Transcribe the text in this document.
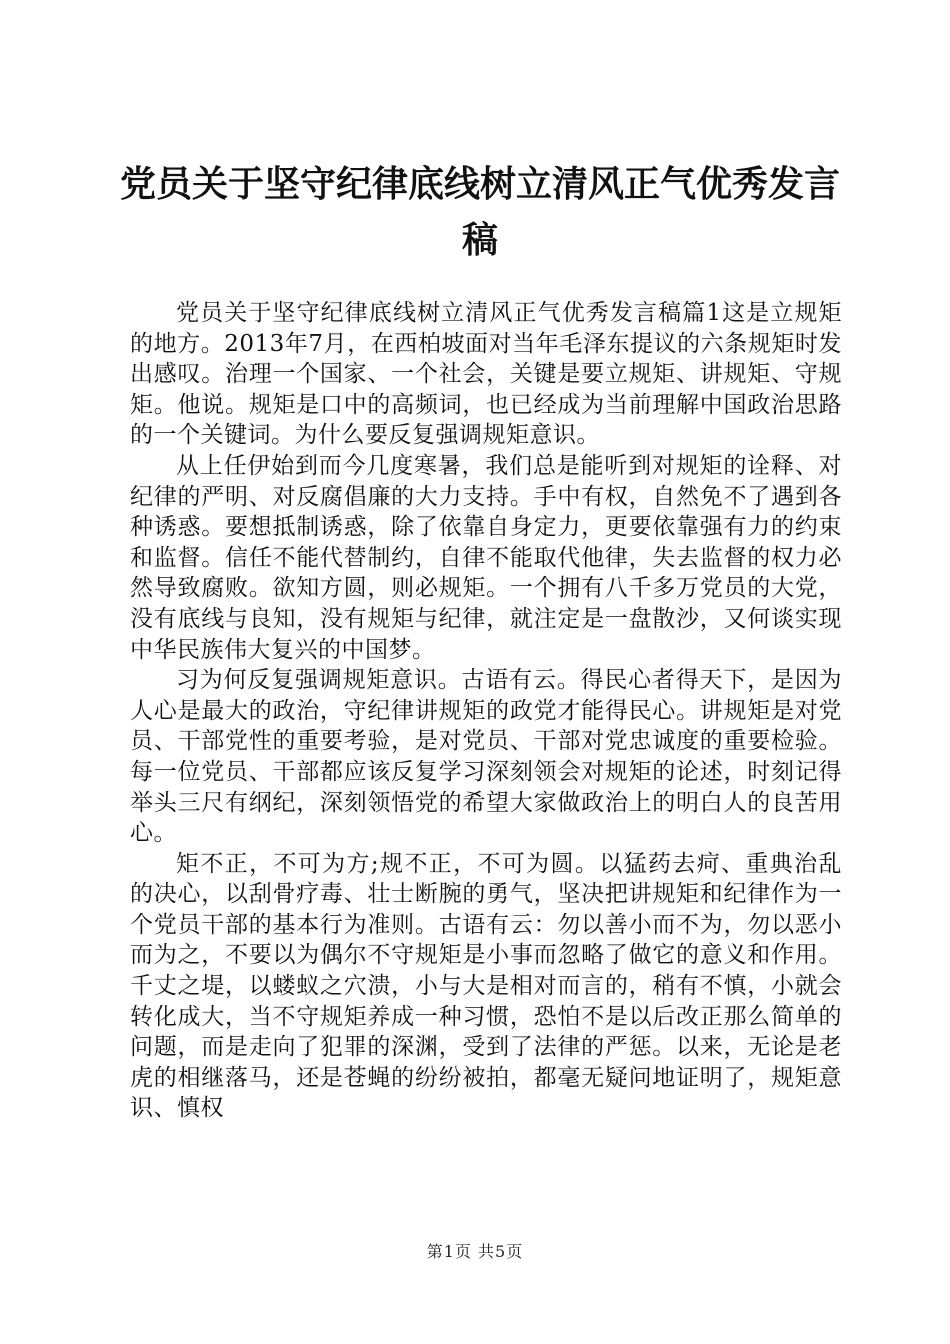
党员关于坚守纪律底线树立清风正气优秀发言稿

党员关于坚守纪律底线树立清风正气优秀发言稿篇1这是立规矩的地方。2013年7月，在西柏坡面对当年毛泽东提议的六条规矩时发出感叹。治理一个国家、一个社会，关键是要立规矩、讲规矩、守规矩。他说。规矩是口中的高频词，也已经成为当前理解中国政治思路的一个关键词。为什么要反复强调规矩意识。

从上任伊始到而今几度寒暑，我们总是能听到对规矩的诠释、对纪律的严明、对反腐倡廉的大力支持。手中有权，自然免不了遇到各种诱惑。要想抵制诱惑，除了依靠自身定力，更要依靠强有力的约束和监督。信任不能代替制约，自律不能取代他律，失去监督的权力必然导致腐败。欲知方圆，则必规矩。一个拥有八千多万党员的大党，没有底线与良知，没有规矩与纪律，就注定是一盘散沙，又何谈实现中华民族伟大复兴的中国梦。

习为何反复强调规矩意识。古语有云。得民心者得天下，是因为人心是最大的政治，守纪律讲规矩的政党才能得民心。讲规矩是对党员、干部党性的重要考验，是对党员、干部对党忠诚度的重要检验。每一位党员、干部都应该反复学习深刻领会对规矩的论述，时刻记得举头三尺有纲纪，深刻领悟党的希望大家做政治上的明白人的良苦用心。

矩不正，不可为方;规不正，不可为圆。以猛药去疴、重典治乱的决心，以刮骨疗毒、壮士断腕的勇气，坚决把讲规矩和纪律作为一个党员干部的基本行为准则。古语有云：勿以善小而不为，勿以恶小而为之，不要以为偶尔不守规矩是小事而忽略了做它的意义和作用。千丈之堤，以蝼蚁之穴溃，小与大是相对而言的，稍有不慎，小就会转化成大，当不守规矩养成一种习惯，恐怕不是以后改正那么简单的问题，而是走向了犯罪的深渊，受到了法律的严惩。以来，无论是老虎的相继落马，还是苍蝇的纷纷被拍，都毫无疑问地证明了，规矩意识、慎权

第1页 共5页
